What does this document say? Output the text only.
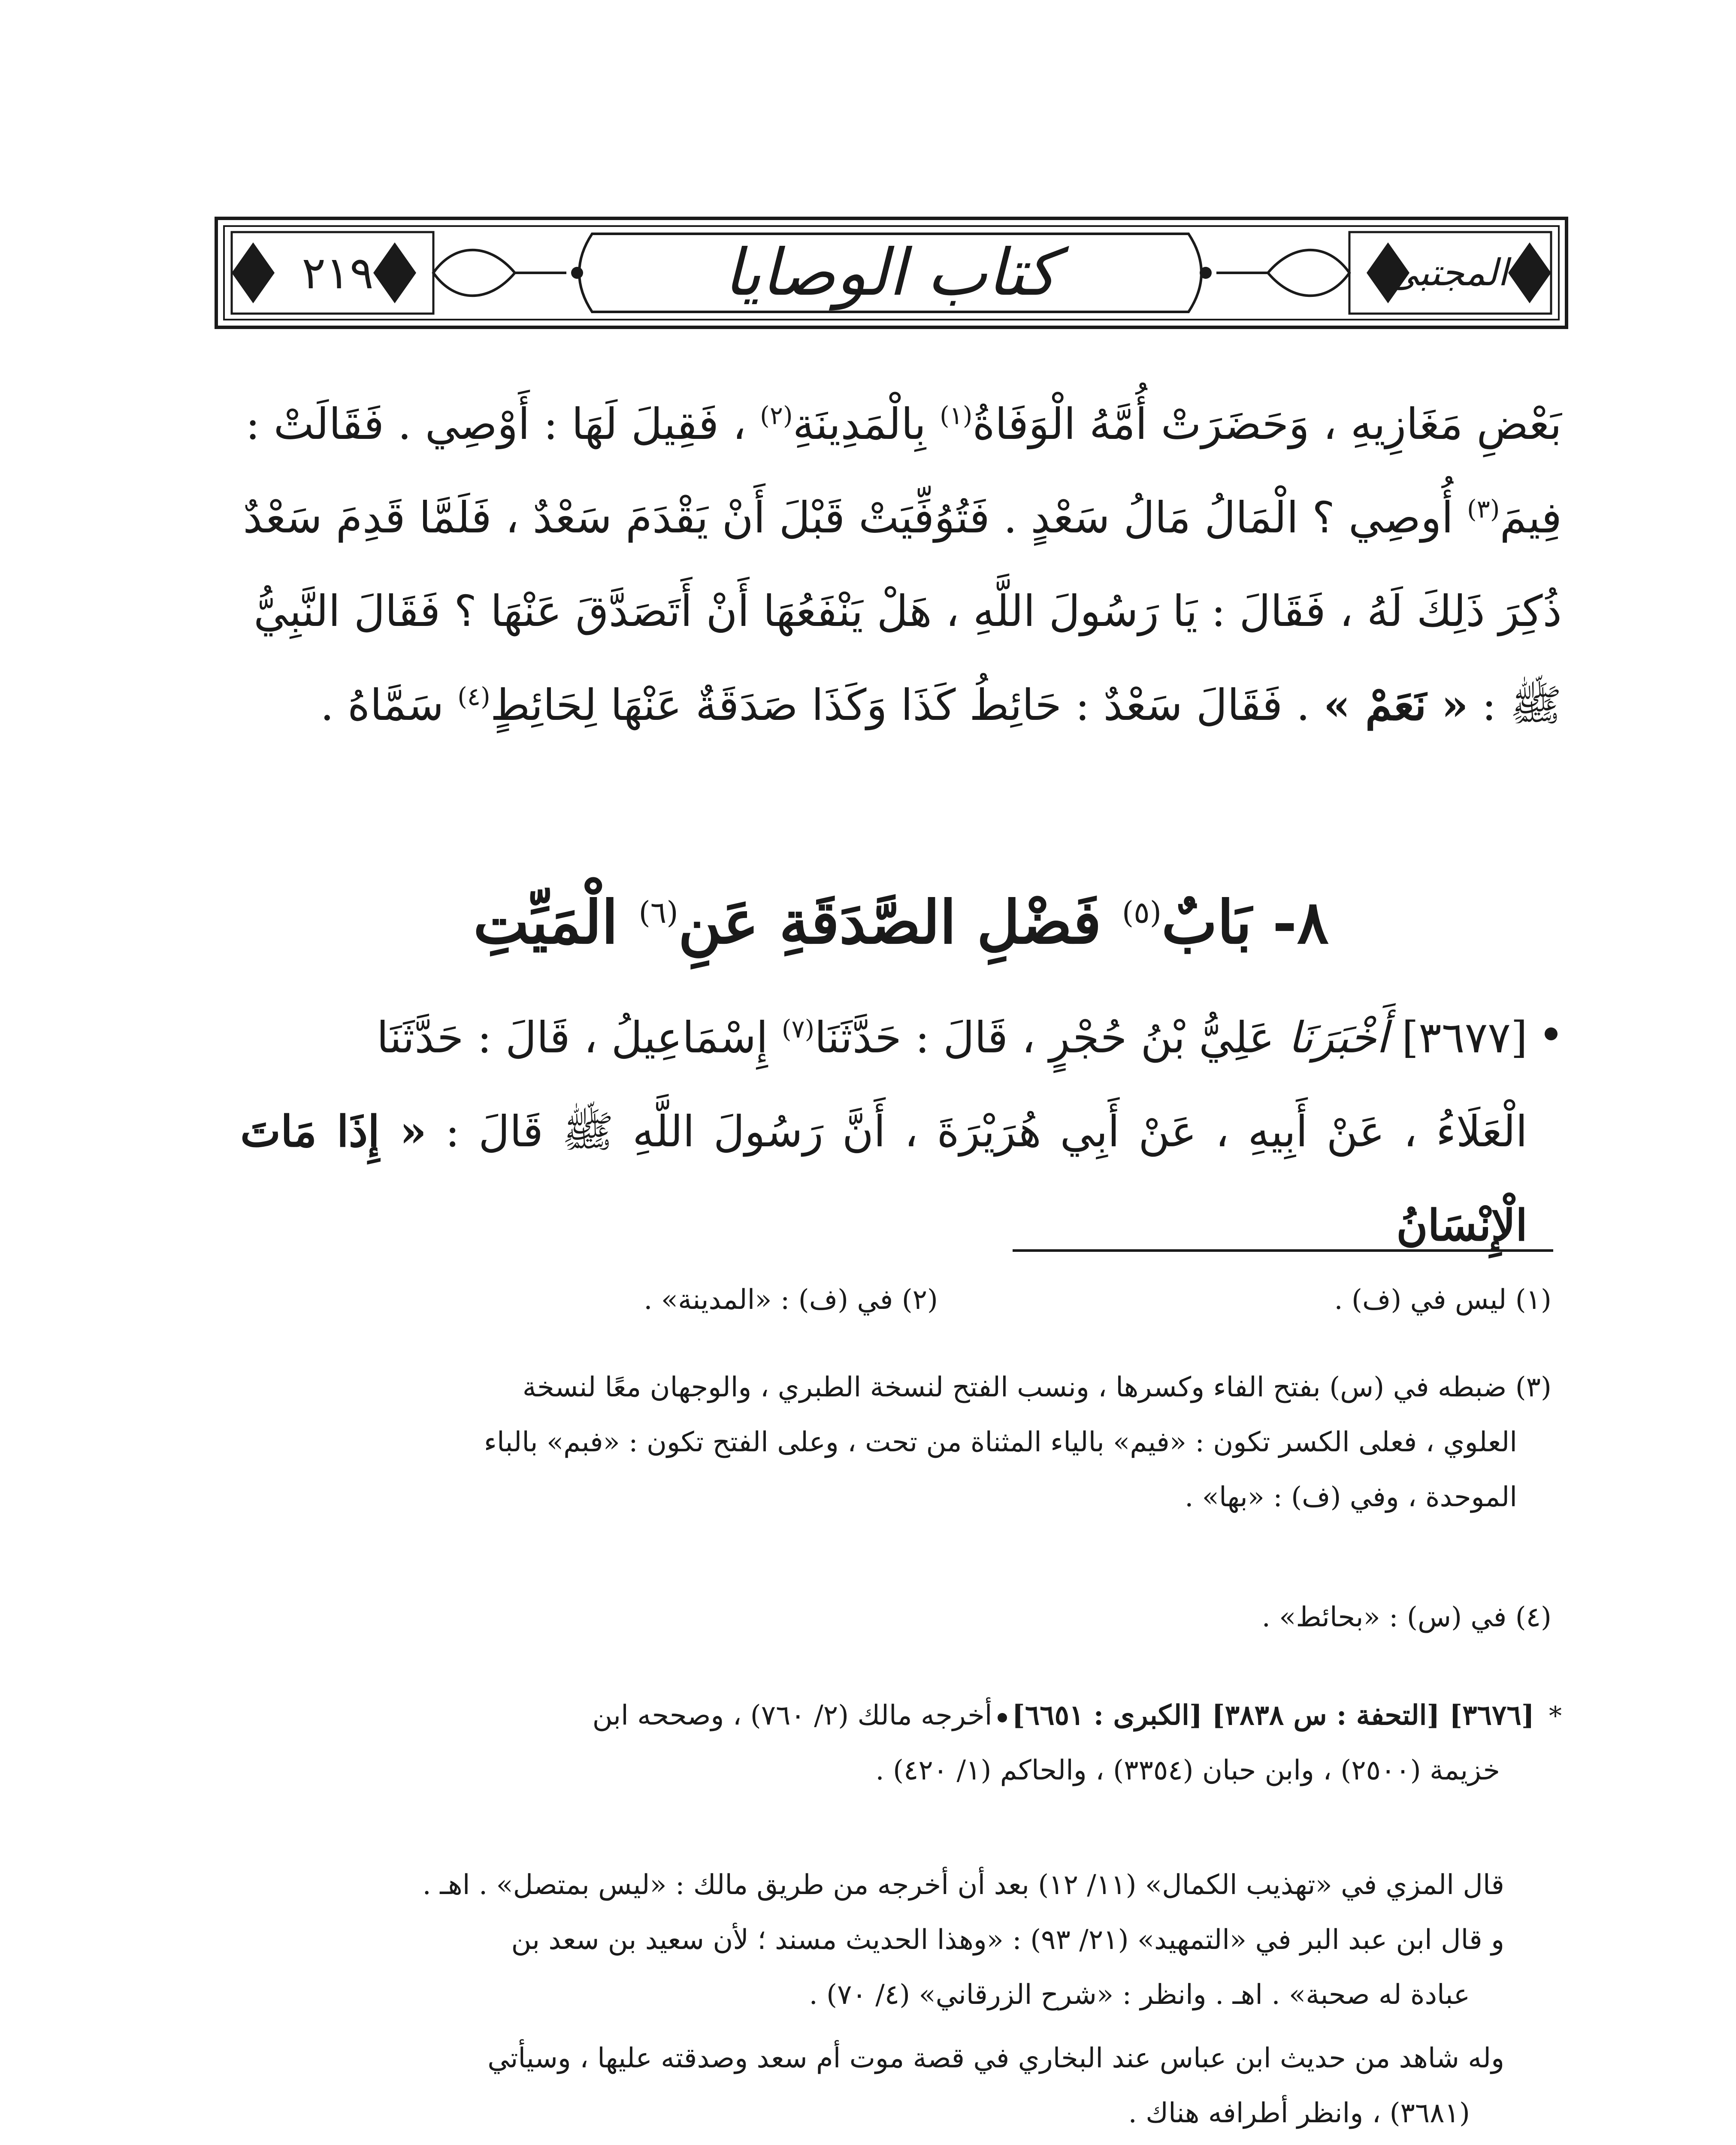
٢١٩	كتاب الوصايا	المجتبى

بَعْضِ مَغَازِيهِ ، وَحَضَرَتْ أُمَّهُ الْوَفَاةُ$^{(١)}$ بِالْمَدِينَةِ$^{(٢)}$ ، فَقِيلَ لَهَا : أَوْصِي . فَقَالَتْ :

فِيمَ$^{(٣)}$ أُوصِي ؟ الْمَالُ مَالُ سَعْدٍ . فَتُوُفِّيَتْ قَبْلَ أَنْ يَقْدَمَ سَعْدٌ ، فَلَمَّا قَدِمَ سَعْدٌ

ذُكِرَ ذَلِكَ لَهُ ، فَقَالَ : يَا رَسُولَ اللَّهِ ، هَلْ يَنْفَعُهَا أَنْ أَتَصَدَّقَ عَنْهَا ؟ فَقَالَ النَّبِيُّ

ﷺ : « نَعَمْ » . فَقَالَ سَعْدٌ : حَائِطُ كَذَا وَكَذَا صَدَقَةٌ عَنْهَا لِحَائِطٍ$^{(٤)}$ سَمَّاهُ .

٨- بَابٌ$^{(٥)}$ فَضْلِ الصَّدَقَةِ عَنِ$^{(٦)}$ الْمَيِّتِ

[٣٦٧٧] أَخْبَرَنَا عَلِيُّ بْنُ حُجْرٍ ، قَالَ : حَدَّثَنَا$^{(٧)}$ إِسْمَاعِيلُ ، قَالَ : حَدَّثَنَا

الْعَلَاءُ ، عَنْ أَبِيهِ ، عَنْ أَبِي هُرَيْرَةَ ، أَنَّ رَسُولَ اللَّهِ ﷺ قَالَ : « إِذَا مَاتَ الْإِنْسَانُ

(١) ليس في (ف) .
(٢) في (ف) : «المدينة» .

(٣) ضبطه في (س) بفتح الفاء وكسرها ، ونسب الفتح لنسخة الطبري ، والوجهان معًا لنسخة

العلوي ، فعلى الكسر تكون : «فيم» بالياء المثناة من تحت ، وعلى الفتح تكون : «فبم» بالباء

الموحدة ، وفي (ف) : «بها» .

(٤) في (س) : «بحائط» .
*

[٣٦٧٦] [التحفة : س ٣٨٣٨] [الكبرى : ٦٦٥١]أخرجه مالك (٢/ ٧٦٠) ، وصححه ابن

خزيمة (٢٥٠٠) ، وابن حبان (٣٣٥٤) ، والحاكم (١/ ٤٢٠) .

قال المزي في «تهذيب الكمال» (١١/ ١٢) بعد أن أخرجه من طريق مالك : «ليس بمتصل» . اهـ .

و قال ابن عبد البر في «التمهيد» (٢١/ ٩٣) : «وهذا الحديث مسند ؛ لأن سعيد بن سعد بن

عبادة له صحبة» . اهـ . وانظر : «شرح الزرقاني» (٤/ ٧٠) .

وله شاهد من حديث ابن عباس عند البخاري في قصة موت أم سعد وصدقته عليها ، وسيأتي

(٣٦٨١) ، وانظر أطرافه هناك .
